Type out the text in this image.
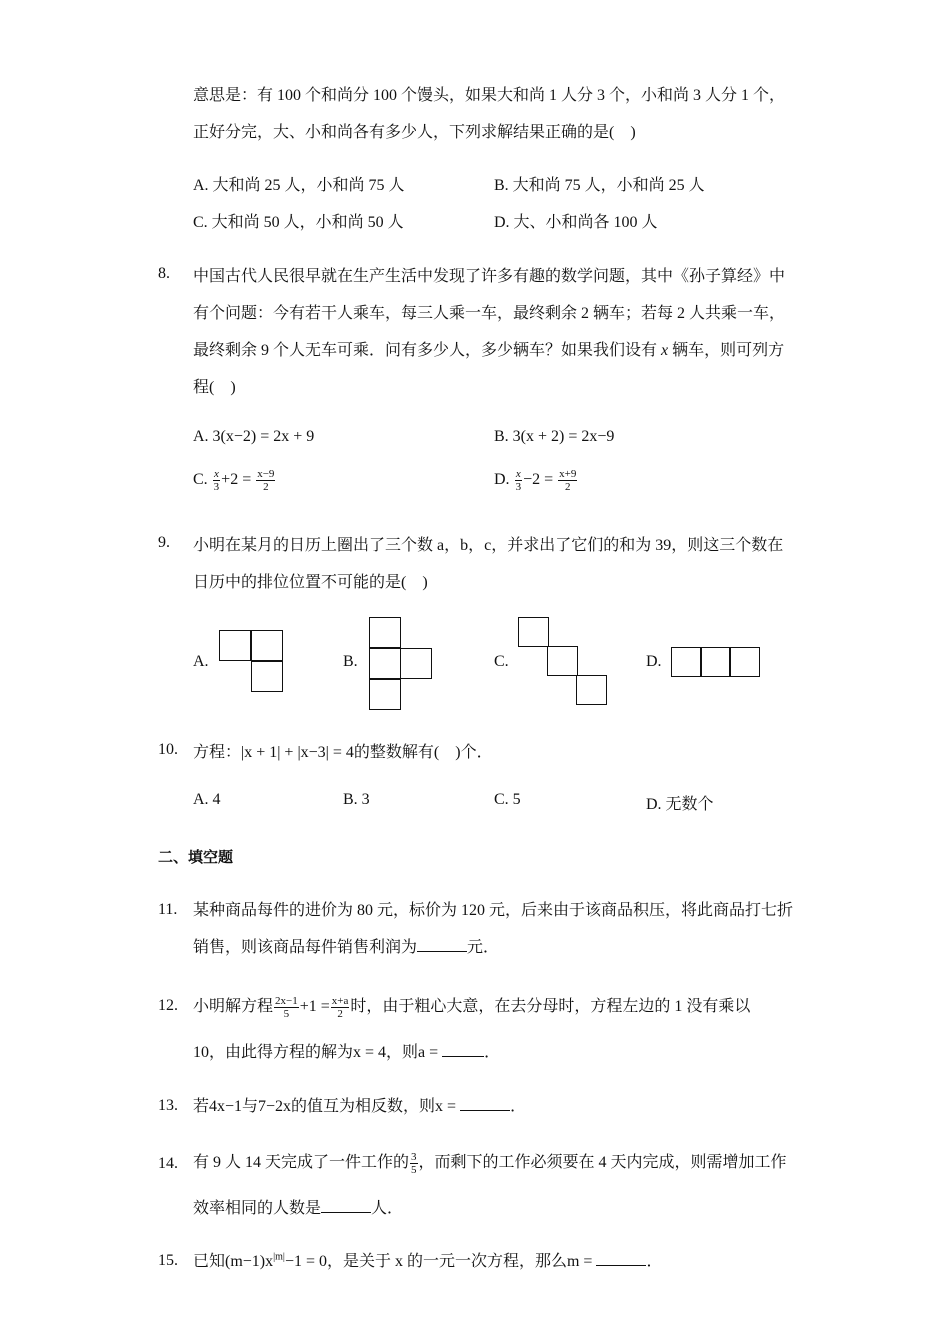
意思是：有 100 个和尚分 100 个馒头，如果大和尚 1 人分 3 个，小和尚 3 人分 1 个，
正好分完，大、小和尚各有多少人，下列求解结果正确的是(　)
A. 大和尚 25 人，小和尚 75 人	B. 大和尚 75 人，小和尚 25 人
C. 大和尚 50 人，小和尚 50 人	D. 大、小和尚各 100 人
8. 中国古代人民很早就在生产生活中发现了许多有趣的数学问题，其中《孙子算经》中
有个问题：今有若干人乘车，每三人乘一车，最终剩余 2 辆车；若每 2 人共乘一车，
最终剩余 9 个人无车可乘．问有多少人，多少辆车？如果我们设有 x 辆车，则可列方
程(　)
A. 3(x−2) = 2x + 9	B. 3(x + 2) = 2x−9
C. $\frac{x}{3} +2 = \frac{x-9}{2}$	D. $\frac{x}{3} -2 = \frac{x+9}{2}$
9. 小明在某月的日历上圈出了三个数 a，b，c，并求出了它们的和为 39，则这三个数在
日历中的排位位置不可能的是(　)
A.	B.	C.	D.
10. 方程：|x + 1| + |x−3| = 4的整数解有(　)个．
A. 4	B. 3	C. 5	D. 无数个
二、填空题
11. 某种商品每件的进价为 80 元，标价为 120 元，后来由于该商品积压，将此商品打七折
销售，则该商品每件销售利润为	元．
12. 小明解方程 $\frac{2x-1}{5} +1 = \frac{x+a}{2}$ 时，由于粗心大意，在去分母时，方程左边的 1 没有乘以
10，由此得方程的解为x = 4，则a =	．
13. 若4x−1与7−2x的值互为相反数，则x =	．
14. 有 9 人 14 天完成了一件工作的 $\frac{3}{5}$ ，而剩下的工作必须要在 4 天内完成，则需增加工作
效率相同的人数是	人．
15. 已知$(m-1)x^{|m|}-1 = 0$，是关于 x 的一元一次方程，那么m =	．
